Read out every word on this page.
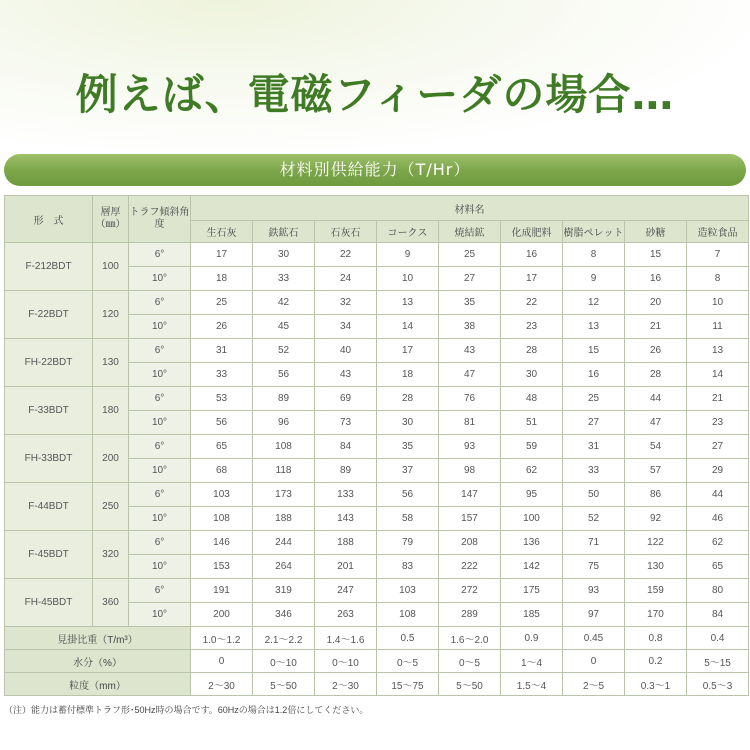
例えば、電磁フィーダの場合…
材料別供給能力（T/Hr）
形　式	層厚（㎜）	トラフ傾斜角度	材料名								
			生石灰	鉄鉱石	石灰石	コークス	焼結鉱	化成肥料	樹脂ペレット	砂糖	造粒食品
F-212BDT	100	6°	17	30	22	9	25	16	8	15	7
		10°	18	33	24	10	27	17	9	16	8
F-22BDT	120	6°	25	42	32	13	35	22	12	20	10
		10°	26	45	34	14	38	23	13	21	11
FH-22BDT	130	6°	31	52	40	17	43	28	15	26	13
		10°	33	56	43	18	47	30	16	28	14
F-33BDT	180	6°	53	89	69	28	76	48	25	44	21
		10°	56	96	73	30	81	51	27	47	23
FH-33BDT	200	6°	65	108	84	35	93	59	31	54	27
		10°	68	118	89	37	98	62	33	57	29
F-44BDT	250	6°	103	173	133	56	147	95	50	86	44
		10°	108	188	143	58	157	100	52	92	46
F-45BDT	320	6°	146	244	188	79	208	136	71	122	62
		10°	153	264	201	83	222	142	75	130	65
FH-45BDT	360	6°	191	319	247	103	272	175	93	159	80
		10°	200	346	263	108	289	185	97	170	84
見掛比重（T/m³）			1.0～1.2	2.1～2.2	1.4～1.6	0.5	1.6～2.0	0.9	0.45	0.8	0.4
水分（%）			0	0～10	0～10	0～5	0～5	1～4	0	0.2	5～15
粒度（mm）			2～30	5～50	2～30	15～75	5～50	1.5～4	2～5	0.3～1	0.5～3
（注）能力は蓄付標準トラフ形･50Hz時の場合です。60Hzの場合は1.2倍にしてください。
